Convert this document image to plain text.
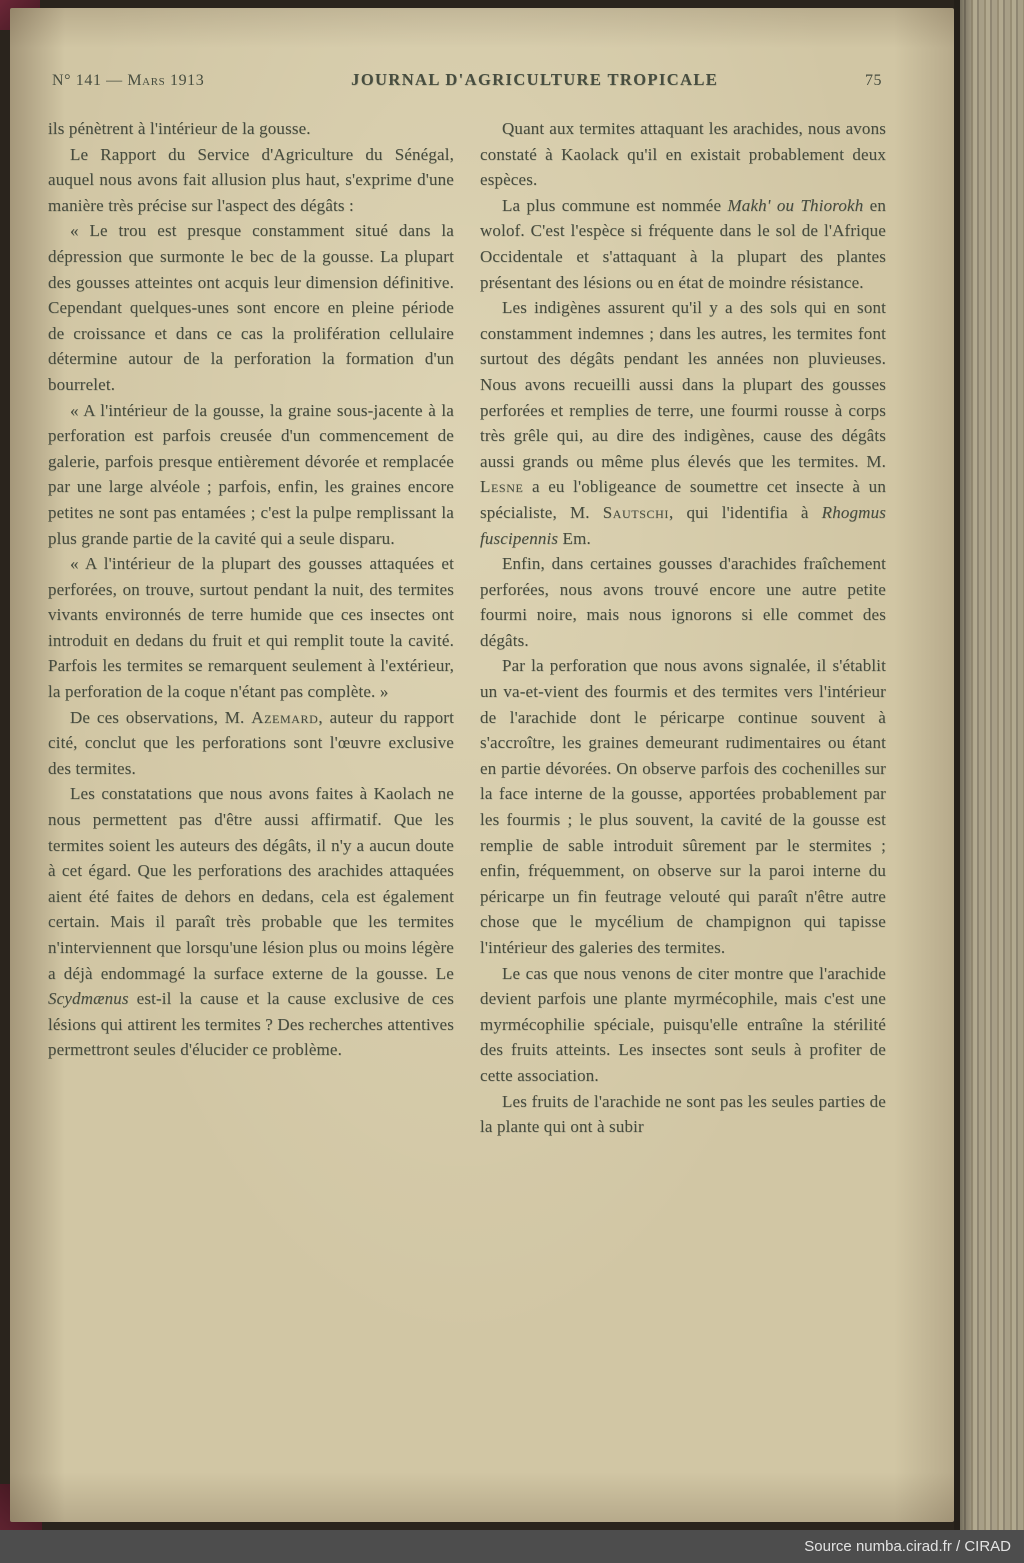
N° 141 — Mars 1913	JOURNAL D'AGRICULTURE TROPICALE	75

ils pénètrent à l'intérieur de la gousse.

Le Rapport du Service d'Agriculture du Sénégal, auquel nous avons fait allusion plus haut, s'exprime d'une manière très précise sur l'aspect des dégâts :

« Le trou est presque constamment situé dans la dépression que surmonte le bec de la gousse. La plupart des gousses atteintes ont acquis leur dimension définitive. Cependant quelques-unes sont encore en pleine période de croissance et dans ce cas la prolifération cellulaire détermine autour de la perforation la formation d'un bourrelet.

« A l'intérieur de la gousse, la graine sous-jacente à la perforation est parfois creusée d'un commencement de galerie, parfois presque entièrement dévorée et remplacée par une large alvéole ; parfois, enfin, les graines encore petites ne sont pas entamées ; c'est la pulpe remplissant la plus grande partie de la cavité qui a seule disparu.

« A l'intérieur de la plupart des gousses attaquées et perforées, on trouve, surtout pendant la nuit, des termites vivants environnés de terre humide que ces insectes ont introduit en dedans du fruit et qui remplit toute la cavité. Parfois les termites se remarquent seulement à l'extérieur, la perforation de la coque n'étant pas complète. »

De ces observations, M. Azemard, auteur du rapport cité, conclut que les perforations sont l'œuvre exclusive des termites.

Les constatations que nous avons faites à Kaolach ne nous permettent pas d'être aussi affirmatif. Que les termites soient les auteurs des dégâts, il n'y a aucun doute à cet égard. Que les perforations des arachides attaquées aient été faites de dehors en dedans, cela est également certain. Mais il paraît très probable que les termites n'interviennent que lorsqu'une lésion plus ou moins légère a déjà endommagé la surface externe de la gousse. Le Scydmænus est-il la cause et la cause exclusive de ces lésions qui attirent les termites ? Des recherches attentives permettront seules d'élucider ce problème.

Quant aux termites attaquant les arachides, nous avons constaté à Kaolack qu'il en existait probablement deux espèces.

La plus commune est nommée Makh' ou Thiorokh en wolof. C'est l'espèce si fréquente dans le sol de l'Afrique Occidentale et s'attaquant à la plupart des plantes présentant des lésions ou en état de moindre résistance.

Les indigènes assurent qu'il y a des sols qui en sont constamment indemnes ; dans les autres, les termites font surtout des dégâts pendant les années non pluvieuses. Nous avons recueilli aussi dans la plupart des gousses perforées et remplies de terre, une fourmi rousse à corps très grêle qui, au dire des indigènes, cause des dégâts aussi grands ou même plus élevés que les termites. M. Lesne a eu l'obligeance de soumettre cet insecte à un spécialiste, M. Sautschi, qui l'identifia à Rhogmus fuscipennis Em.

Enfin, dans certaines gousses d'arachides fraîchement perforées, nous avons trouvé encore une autre petite fourmi noire, mais nous ignorons si elle commet des dégâts.

Par la perforation que nous avons signalée, il s'établit un va-et-vient des fourmis et des termites vers l'intérieur de l'arachide dont le péricarpe continue souvent à s'accroître, les graines demeurant rudimentaires ou étant en partie dévorées. On observe parfois des cochenilles sur la face interne de la gousse, apportées probablement par les fourmis ; le plus souvent, la cavité de la gousse est remplie de sable introduit sûrement par le stermites ; enfin, fréquemment, on observe sur la paroi interne du péricarpe un fin feutrage velouté qui paraît n'être autre chose que le mycélium de champignon qui tapisse l'intérieur des galeries des termites.

Le cas que nous venons de citer montre que l'arachide devient parfois une plante myrmécophile, mais c'est une myrmécophilie spéciale, puisqu'elle entraîne la stérilité des fruits atteints. Les insectes sont seuls à profiter de cette association.

Les fruits de l'arachide ne sont pas les seules parties de la plante qui ont à subir

Source numba.cirad.fr / CIRAD
